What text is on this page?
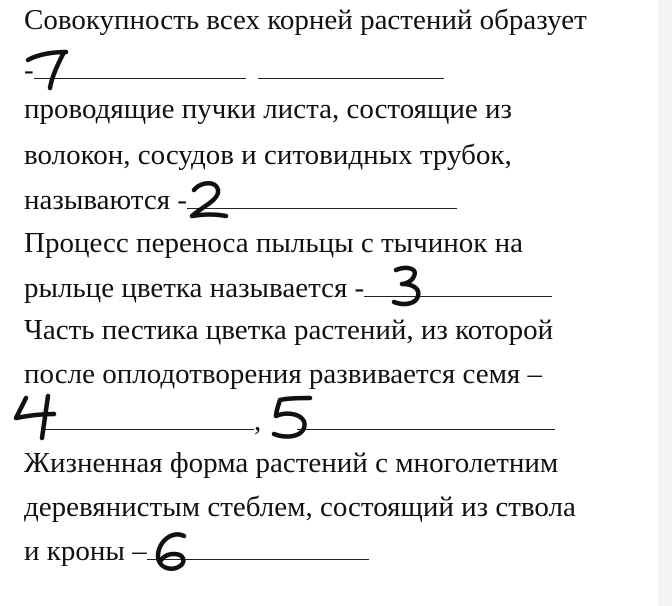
Совокупность всех корней растений образует
-
проводящие пучки листа, состоящие из
волокон, сосудов и ситовидных трубок,
называются -
Процесс переноса пыльцы с тычинок на
рыльце цветка называется -
Часть пестика цветка растений, из которой
после оплодотворения развивается семя –
,
Жизненная форма растений с многолетним
деревянистым стеблем, состоящий из ствола
и кроны –
